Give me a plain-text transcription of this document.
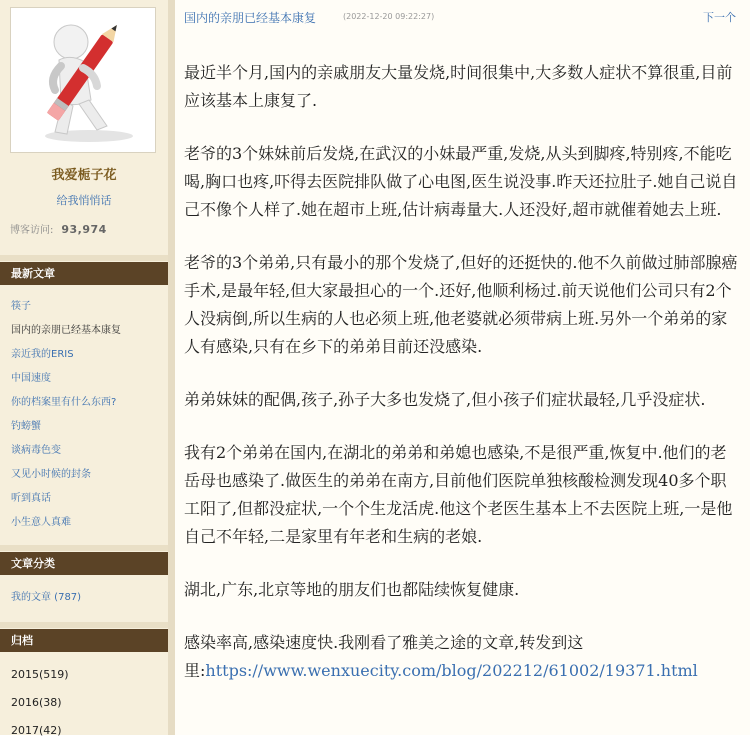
我爱栀子花
给我悄悄话
博客访问: 93,974
最新文章
筷子
国内的亲朋已经基本康复
亲近我的ERIS
中国速度
你的档案里有什么东西?
钓螃蟹
谈病毒色变
又见小时候的封条
听到真话
小生意人真难
文章分类
我的文章 (787)
归档
2015(519)
2016(38)
2017(42)
国内的亲朋已经基本康复	(2022-12-20 09:22:27)	下一个

最近半个月,国内的亲戚朋友大量发烧,时间很集中,大多数人症状不算很重,目前应该基本上康复了.

老爷的3个妹妹前后发烧,在武汉的小妹最严重,发烧,从头到脚疼,特别疼,不能吃喝,胸口也疼,吓得去医院排队做了心电图,医生说没事.昨天还拉肚子.她自己说自己不像个人样了.她在超市上班,估计病毒量大.人还没好,超市就催着她去上班.

老爷的3个弟弟,只有最小的那个发烧了,但好的还挺快的.他不久前做过肺部腺癌手术,是最年轻,但大家最担心的一个.还好,他顺利杨过.前天说他们公司只有2个人没病倒,所以生病的人也必须上班,他老婆就必须带病上班.另外一个弟弟的家人有感染,只有在乡下的弟弟目前还没感染.

弟弟妹妹的配偶,孩子,孙子大多也发烧了,但小孩子们症状最轻,几乎没症状.

我有2个弟弟在国内,在湖北的弟弟和弟媳也感染,不是很严重,恢复中.他们的老岳母也感染了.做医生的弟弟在南方,目前他们医院单独核酸检测发现40多个职工阳了,但都没症状,一个个生龙活虎.他这个老医生基本上不去医院上班,一是他自己不年轻,二是家里有年老和生病的老娘.

湖北,广东,北京等地的朋友们也都陆续恢复健康.

感染率高,感染速度快.我刚看了雅美之途的文章,转发到这里:https://www.wenxuecity.com/blog/202212/61002/19371.html
